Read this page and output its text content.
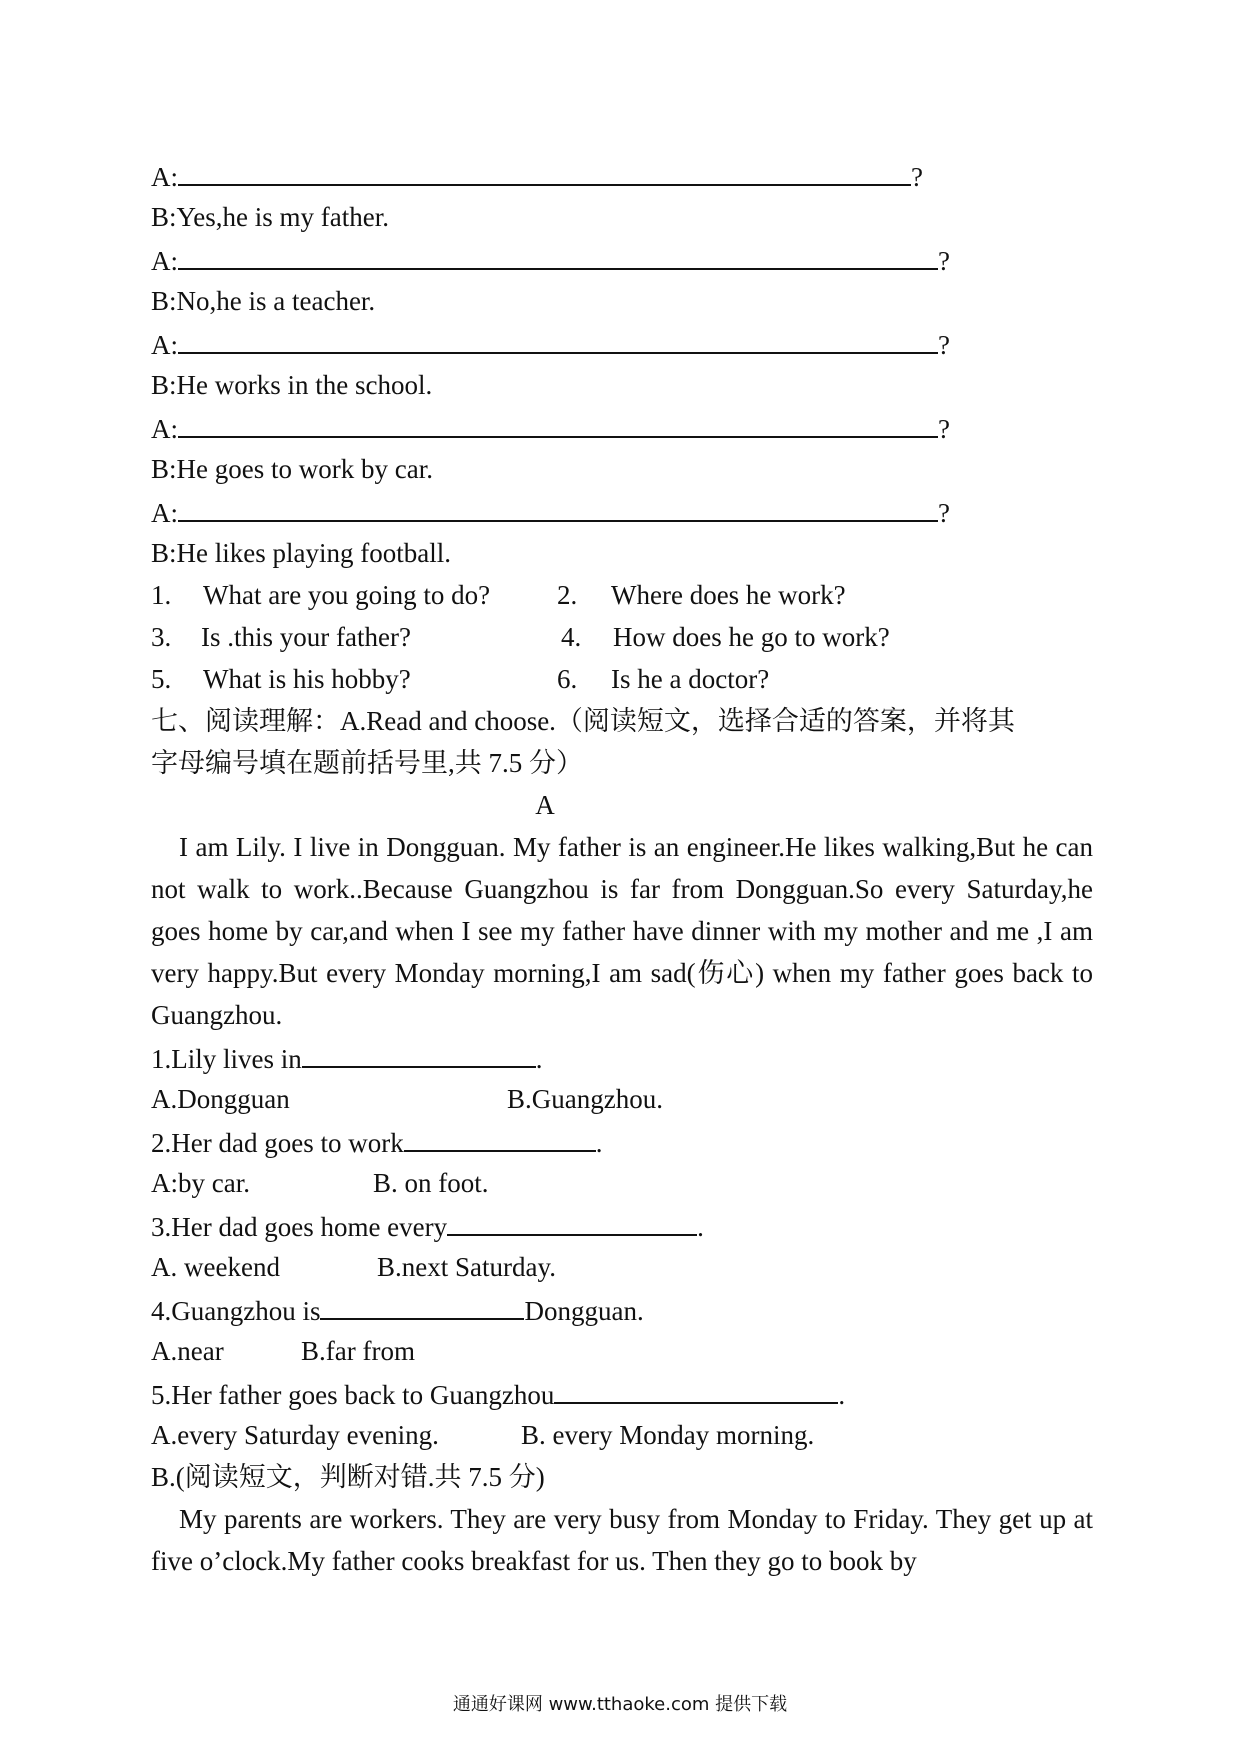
A:	?
B:Yes,he is my father.
A:	?
B:No,he is a teacher.
A:	?
B:He works in the school.
A:	?
B:He goes to work by car.
A:	?
B:He likes playing football.
1. What are you going to do? 2. Where does he work?
3. Is .this your father?	4. How does he go to work?
5. What is his hobby?	6. Is he a doctor?
七、阅读理解：A.Read and choose.（阅读短文，选择合适的答案，并将其
字母编号填在题前括号里,共 7.5 分）
A

I am Lily. I live in Dongguan. My father is an engineer.He likes walking,But he can not walk to work..Because Guangzhou is far from Dongguan.So every Saturday,he goes home by car,and when I see my father have dinner with my mother and me ,I am very happy.But every Monday morning,I am sad(伤心) when my father goes back to Guangzhou.

1.Lily lives in	.
A.Dongguan	B.Guangzhou.
2.Her dad goes to work	.
A:by car.	B. on foot.
3.Her dad goes home every	.
A. weekend	B.next Saturday.
4.Guangzhou is	Dongguan.
A.near	B.far from
5.Her father goes back to Guangzhou	.
A.every Saturday evening.	B. every Monday morning.
B.(阅读短文，判断对错.共 7.5 分)

My parents are workers. They are very busy from Monday to Friday. They get up at five o’clock.My father cooks breakfast for us. Then they go to book by

通通好课网 www.tthaoke.com 提供下载
